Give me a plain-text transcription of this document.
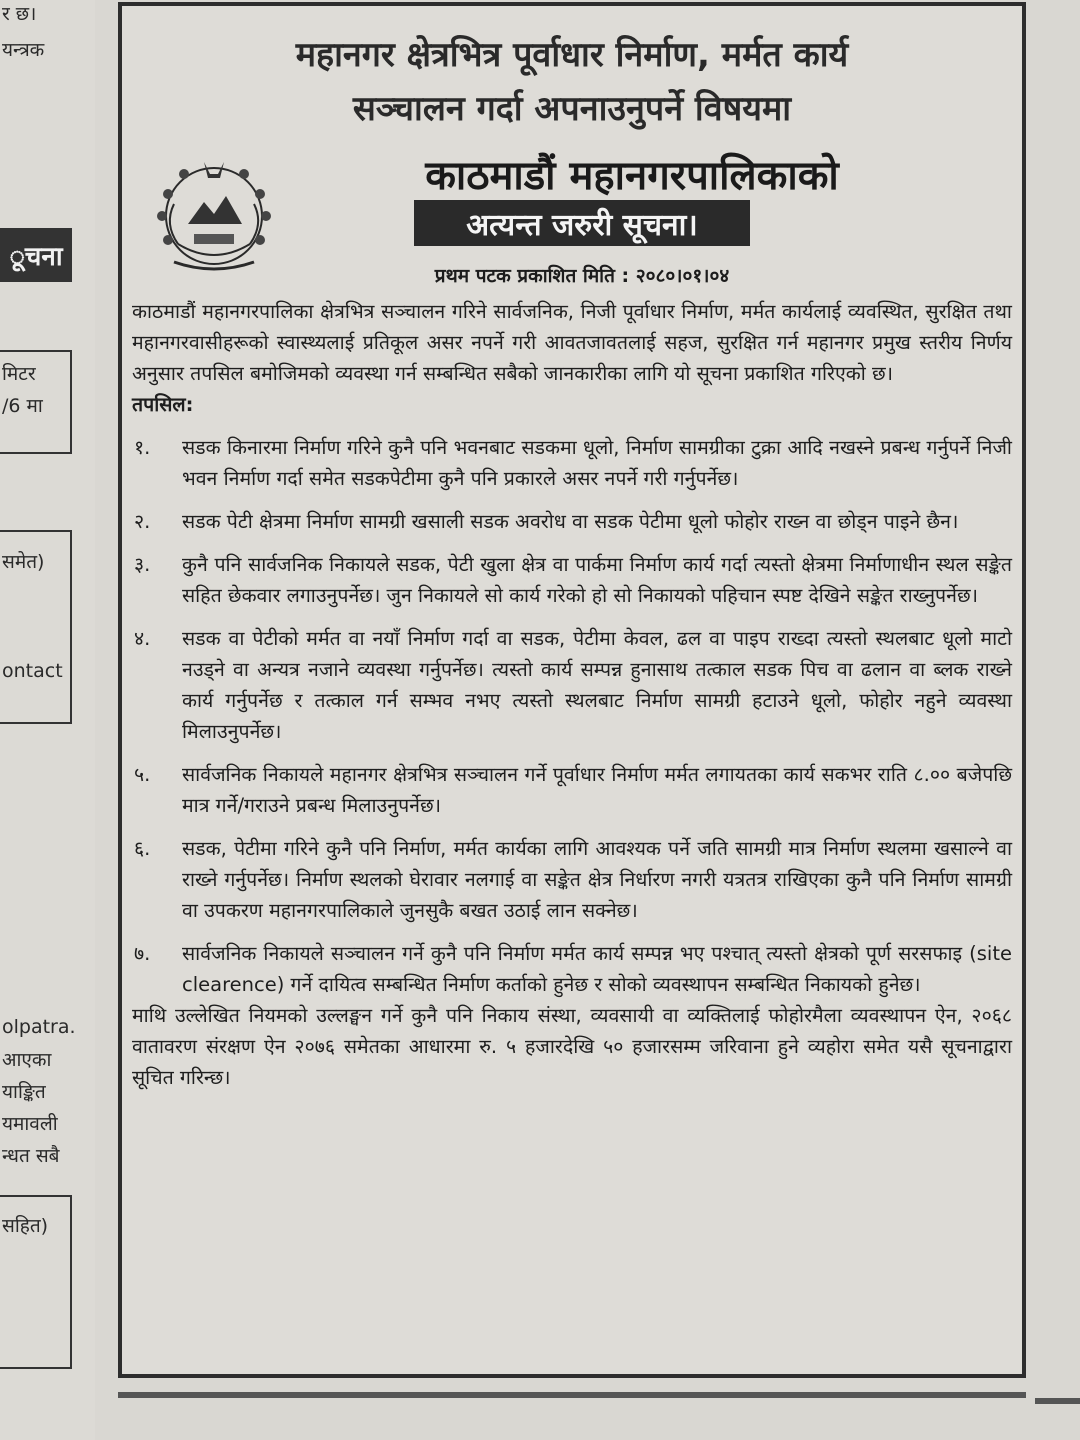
र छ।
यन्त्रक
ूचना
मिटर
/6 मा
समेत)
ontact
olpatra.
आएका
याङ्कित
यमावली
न्धत सबै
सहित)
महानगर क्षेत्रभित्र पूर्वाधार निर्माण, मर्मत कार्य
सञ्चालन गर्दा अपनाउनुपर्ने विषयमा
काठमाडौं महानगरपालिकाको
अत्यन्त जरुरी सूचना।
प्रथम पटक प्रकाशित मिति : २०८०।०१।०४

काठमाडौं महानगरपालिका क्षेत्रभित्र सञ्चालन गरिने सार्वजनिक, निजी पूर्वाधार निर्माण, मर्मत कार्यलाई व्यवस्थित, सुरक्षित तथा महानगरवासीहरूको स्वास्थ्यलाई प्रतिकूल असर नपर्ने गरी आवतजावतलाई सहज, सुरक्षित गर्न महानगर प्रमुख स्तरीय निर्णय अनुसार तपसिल बमोजिमको व्यवस्था गर्न सम्बन्धित सबैको जानकारीका लागि यो सूचना प्रकाशित गरिएको छ।

तपसिल:

१.	सडक किनारमा निर्माण गरिने कुनै पनि भवनबाट सडकमा धूलो, निर्माण सामग्रीका टुक्रा आदि नखस्ने प्रबन्ध गर्नुपर्ने निजी भवन निर्माण गर्दा समेत सडकपेटीमा कुनै पनि प्रकारले असर नपर्ने गरी गर्नुपर्नेछ।
२.	सडक पेटी क्षेत्रमा निर्माण सामग्री खसाली सडक अवरोध वा सडक पेटीमा धूलो फोहोर राख्न वा छोड्न पाइने छैन।
३.	कुनै पनि सार्वजनिक निकायले सडक, पेटी खुला क्षेत्र वा पार्कमा निर्माण कार्य गर्दा त्यस्तो क्षेत्रमा निर्माणाधीन स्थल सङ्केत सहित छेकवार लगाउनुपर्नेछ। जुन निकायले सो कार्य गरेको हो सो निकायको पहिचान स्पष्ट देखिने सङ्केत राख्नुपर्नेछ।
४.	सडक वा पेटीको मर्मत वा नयाँ निर्माण गर्दा वा सडक, पेटीमा केवल, ढल वा पाइप राख्दा त्यस्तो स्थलबाट धूलो माटो नउड्ने वा अन्यत्र नजाने व्यवस्था गर्नुपर्नेछ। त्यस्तो कार्य सम्पन्न हुनासाथ तत्काल सडक पिच वा ढलान वा ब्लक राख्ने कार्य गर्नुपर्नेछ र तत्काल गर्न सम्भव नभए त्यस्तो स्थलबाट निर्माण सामग्री हटाउने धूलो, फोहोर नहुने व्यवस्था मिलाउनुपर्नेछ।
५.	सार्वजनिक निकायले महानगर क्षेत्रभित्र सञ्चालन गर्ने पूर्वाधार निर्माण मर्मत लगायतका कार्य सकभर राति ८.०० बजेपछि मात्र गर्ने/गराउने प्रबन्ध मिलाउनुपर्नेछ।
६.	सडक, पेटीमा गरिने कुनै पनि निर्माण, मर्मत कार्यका लागि आवश्यक पर्ने जति सामग्री मात्र निर्माण स्थलमा खसाल्ने वा राख्ने गर्नुपर्नेछ। निर्माण स्थलको घेरावार नलगाई वा सङ्केत क्षेत्र निर्धारण नगरी यत्रतत्र राखिएका कुनै पनि निर्माण सामग्री वा उपकरण महानगरपालिकाले जुनसुकै बखत उठाई लान सक्नेछ।
७.	सार्वजनिक निकायले सञ्चालन गर्ने कुनै पनि निर्माण मर्मत कार्य सम्पन्न भए पश्चात् त्यस्तो क्षेत्रको पूर्ण सरसफाइ (site clearence) गर्ने दायित्व सम्बन्धित निर्माण कर्ताको हुनेछ र सोको व्यवस्थापन सम्बन्धित निकायको हुनेछ।

माथि उल्लेखित नियमको उल्लङ्घन गर्ने कुनै पनि निकाय संस्था, व्यवसायी वा व्यक्तिलाई फोहोरमैला व्यवस्थापन ऐन, २०६८ वातावरण संरक्षण ऐन २०७६ समेतका आधारमा रु. ५ हजारदेखि ५० हजारसम्म जरिवाना हुने व्यहोरा समेत यसै सूचनाद्वारा सूचित गरिन्छ।
